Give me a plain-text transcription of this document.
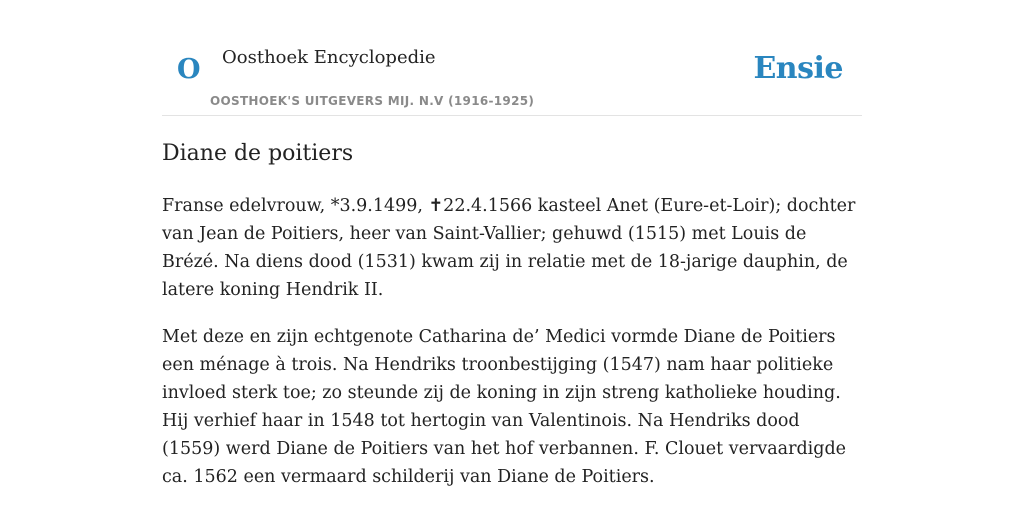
O Oosthoek Encyclopedie
OOSTHOEK'S UITGEVERS MIJ. N.V (1916-1925)
Ensie
Diane de poitiers

Franse edelvrouw, *3.9.1499, ✝22.4.1566 kasteel Anet (Eure-et-Loir); dochter van Jean de Poitiers, heer van Saint-Vallier; gehuwd (1515) met Louis de Brézé. Na diens dood (1531) kwam zij in relatie met de 18-jarige dauphin, de latere koning Hendrik II.

Met deze en zijn echtgenote Catharina de’ Medici vormde Diane de Poitiers een ménage à trois. Na Hendriks troonbestijging (1547) nam haar politieke invloed sterk toe; zo steunde zij de koning in zijn streng katholieke houding. Hij verhief haar in 1548 tot hertogin van Valentinois. Na Hendriks dood (1559) werd Diane de Poitiers van het hof verbannen. F. Clouet vervaardigde ca. 1562 een vermaard schilderij van Diane de Poitiers.
